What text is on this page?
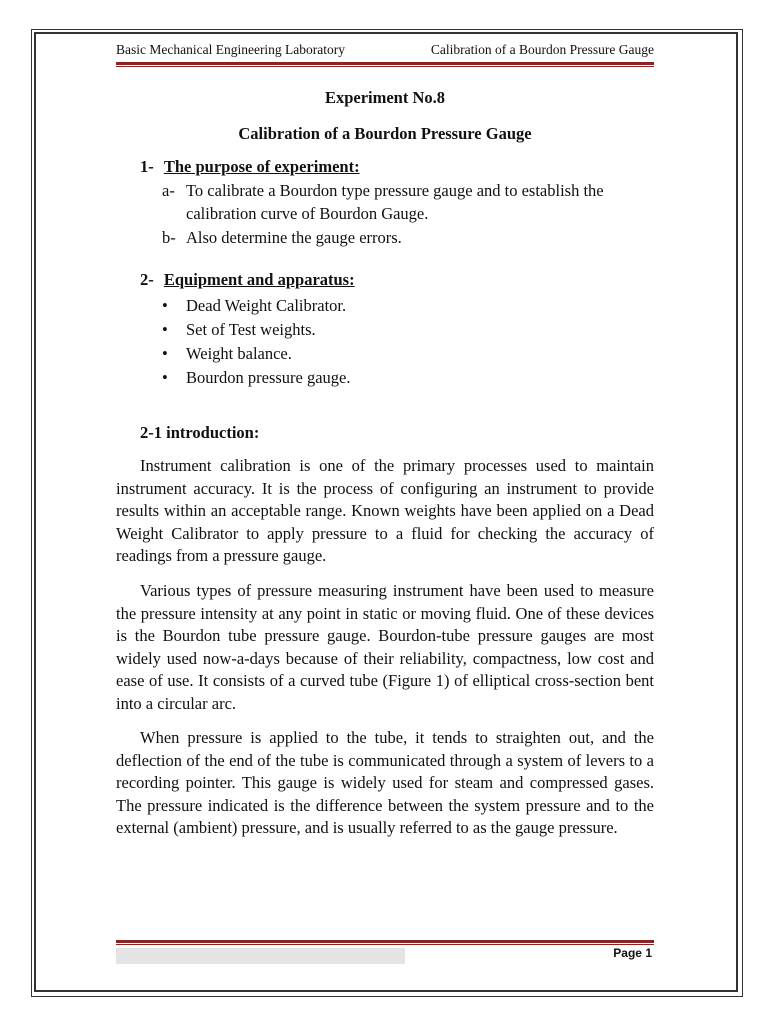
Basic Mechanical Engineering Laboratory	Calibration of a Bourdon Pressure Gauge
Experiment No.8
Calibration of a Bourdon Pressure Gauge
1- The purpose of experiment:
a- To calibrate a Bourdon type pressure gauge and to establish the calibration curve of Bourdon Gauge.
b- Also determine the gauge errors.
2- Equipment and apparatus:
• Dead Weight Calibrator.
• Set of Test weights.
• Weight balance.
• Bourdon pressure gauge.
2-1 introduction:

Instrument calibration is one of the primary processes used to maintain instrument accuracy. It is the process of configuring an instrument to provide results within an acceptable range. Known weights have been applied on a Dead Weight Calibrator to apply pressure to a fluid for checking the accuracy of readings from a pressure gauge.

Various types of pressure measuring instrument have been used to measure the pressure intensity at any point in static or moving fluid. One of these devices is the Bourdon tube pressure gauge. Bourdon-tube pressure gauges are most widely used now-a-days because of their reliability, compactness, low cost and ease of use. It consists of a curved tube (Figure 1) of elliptical cross-section bent into a circular arc.

When pressure is applied to the tube, it tends to straighten out, and the deflection of the end of the tube is communicated through a system of levers to a recording pointer. This gauge is widely used for steam and compressed gases. The pressure indicated is the difference between the system pressure and to the external (ambient) pressure, and is usually referred to as the gauge pressure.

Page 1
